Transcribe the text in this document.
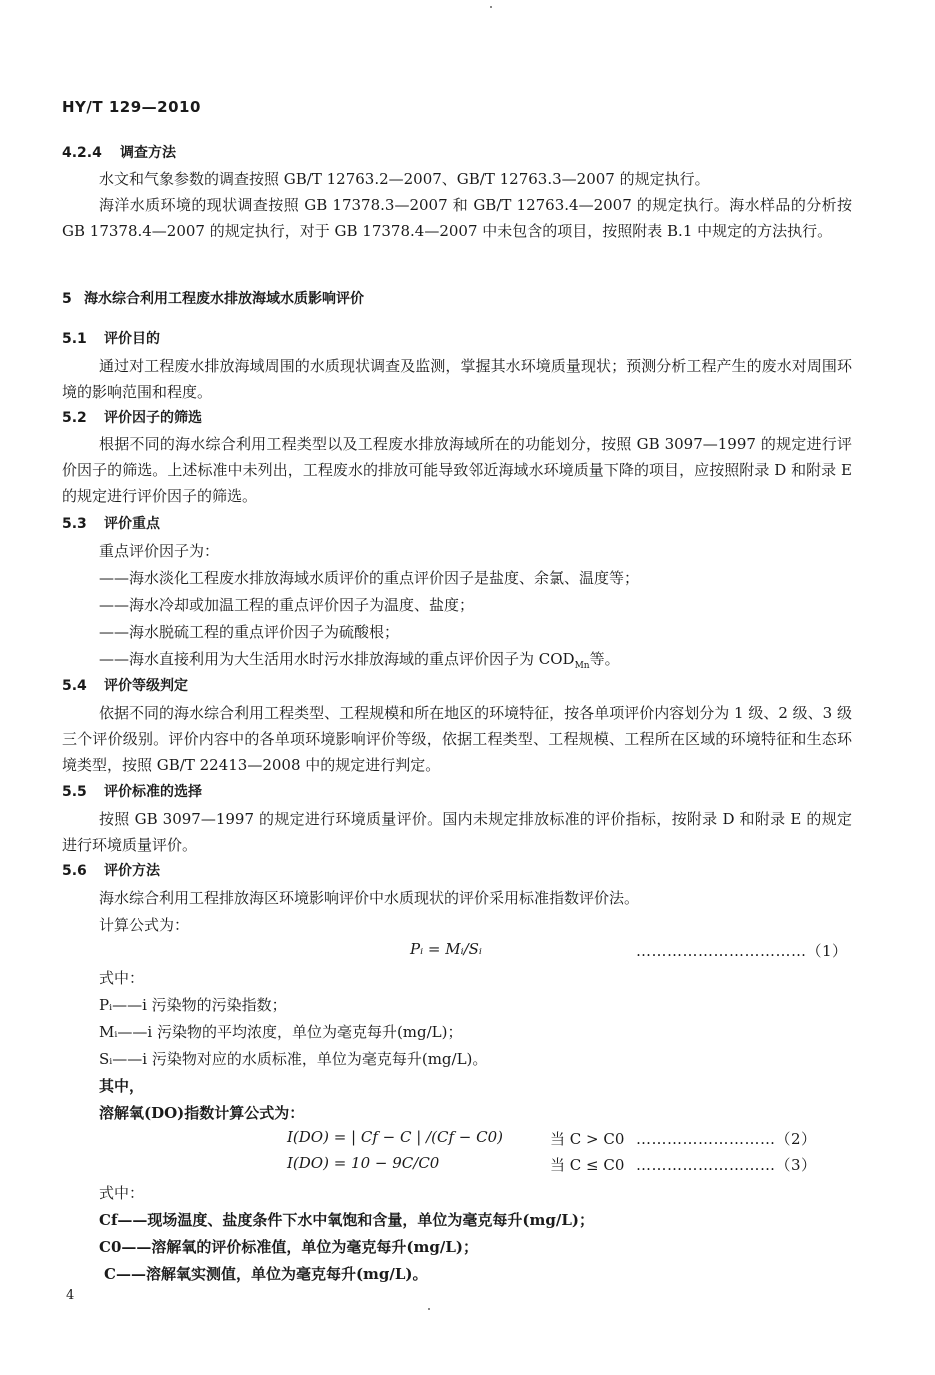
HY/T 129—2010
4.2.4 调查方法
水文和气象参数的调查按照 GB/T 12763.2—2007、GB/T 12763.3—2007 的规定执行。
海洋水质环境的现状调查按照 GB 17378.3—2007 和 GB/T 12763.4—2007 的规定执行。海水样品的分析按 GB 17378.4—2007 的规定执行，对于 GB 17378.4—2007 中未包含的项目，按照附表 B.1 中规定的方法执行。
5 海水综合利用工程废水排放海域水质影响评价
5.1 评价目的
通过对工程废水排放海域周围的水质现状调查及监测，掌握其水环境质量现状；预测分析工程产生的废水对周围环境的影响范围和程度。
5.2 评价因子的筛选
根据不同的海水综合利用工程类型以及工程废水排放海域所在的功能划分，按照 GB 3097—1997 的规定进行评价因子的筛选。上述标准中未列出，工程废水的排放可能导致邻近海域水环境质量下降的项目，应按照附录 D 和附录 E 的规定进行评价因子的筛选。
5.3 评价重点
重点评价因子为：
——海水淡化工程废水排放海域水质评价的重点评价因子是盐度、余氯、温度等；
——海水冷却或加温工程的重点评价因子为温度、盐度；
——海水脱硫工程的重点评价因子为硫酸根；
——海水直接利用为大生活用水时污水排放海域的重点评价因子为 $COD_{Mn}$等。
5.4 评价等级判定
依据不同的海水综合利用工程类型、工程规模和所在地区的环境特征，按各单项评价内容划分为 1 级、2 级、3 级三个评价级别。评价内容中的各单项环境影响评价等级，依据工程类型、工程规模、工程所在区域的环境特征和生态环境类型，按照 GB/T 22413—2008 中的规定进行判定。
5.5 评价标准的选择
按照 GB 3097—1997 的规定进行环境质量评价。国内未规定排放标准的评价指标，按附录 D 和附录 E 的规定进行环境质量评价。
5.6 评价方法
海水综合利用工程排放海区环境影响评价中水质现状的评价采用标准指数评价法。
计算公式为：
Pᵢ = Mᵢ/Sᵢ	……………………………（1）
式中：
Pᵢ——i 污染物的污染指数；
Mᵢ——i 污染物的平均浓度，单位为毫克每升(mg/L)；
Sᵢ——i 污染物对应的水质标准，单位为毫克每升(mg/L)。
其中，
溶解氧(DO)指数计算公式为：
I(DO) = | Cf − C | /(Cf − C0)	当 C > C0 ………………………（2）
I(DO) = 10 − 9C/C0	当 C ≤ C0 ………………………（3）
式中：
Cf——现场温度、盐度条件下水中氧饱和含量，单位为毫克每升(mg/L)；
C0——溶解氧的评价标准值，单位为毫克每升(mg/L)；
C——溶解氧实测值，单位为毫克每升(mg/L)。
4
